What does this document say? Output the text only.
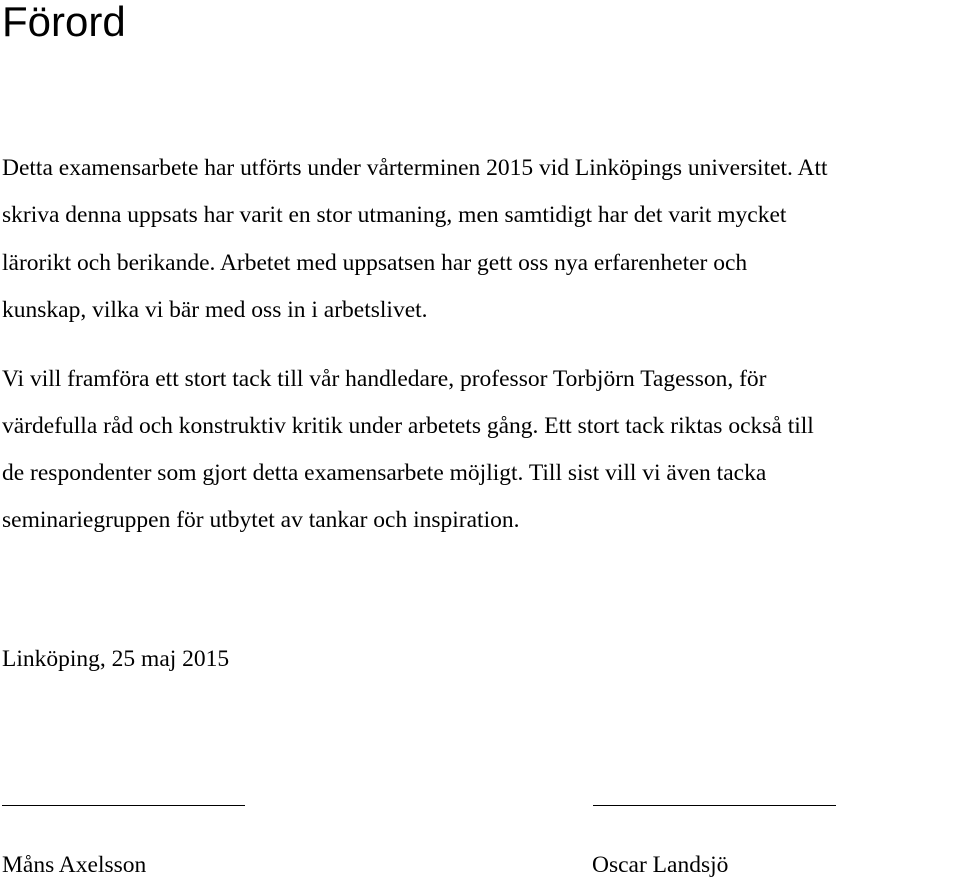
Förord

Detta examensarbete har utförts under vårterminen 2015 vid Linköpings universitet. Att

skriva denna uppsats har varit en stor utmaning, men samtidigt har det varit mycket

lärorikt och berikande. Arbetet med uppsatsen har gett oss nya erfarenheter och

kunskap, vilka vi bär med oss in i arbetslivet.

Vi vill framföra ett stort tack till vår handledare, professor Torbjörn Tagesson, för

värdefulla råd och konstruktiv kritik under arbetets gång. Ett stort tack riktas också till

de respondenter som gjort detta examensarbete möjligt. Till sist vill vi även tacka

seminariegruppen för utbytet av tankar och inspiration.

Linköping, 25 maj 2015

Måns Axelsson	Oscar Landsjö
